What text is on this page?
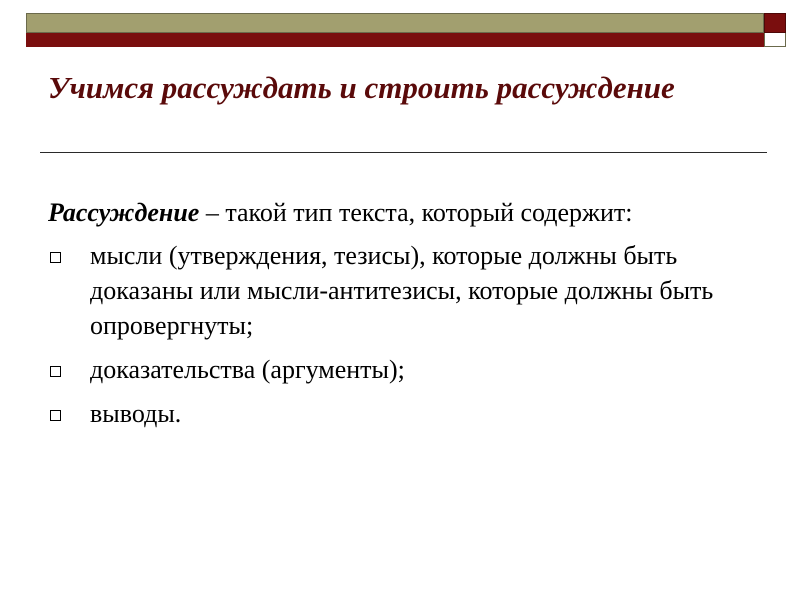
Учимся рассуждать и строить рассуждение

Рассуждение – такой тип текста, который содержит:

мысли (утверждения, тезисы), которые должны быть доказаны или мысли-антитезисы, которые должны быть опровергнуты;
доказательства (аргументы);
выводы.
